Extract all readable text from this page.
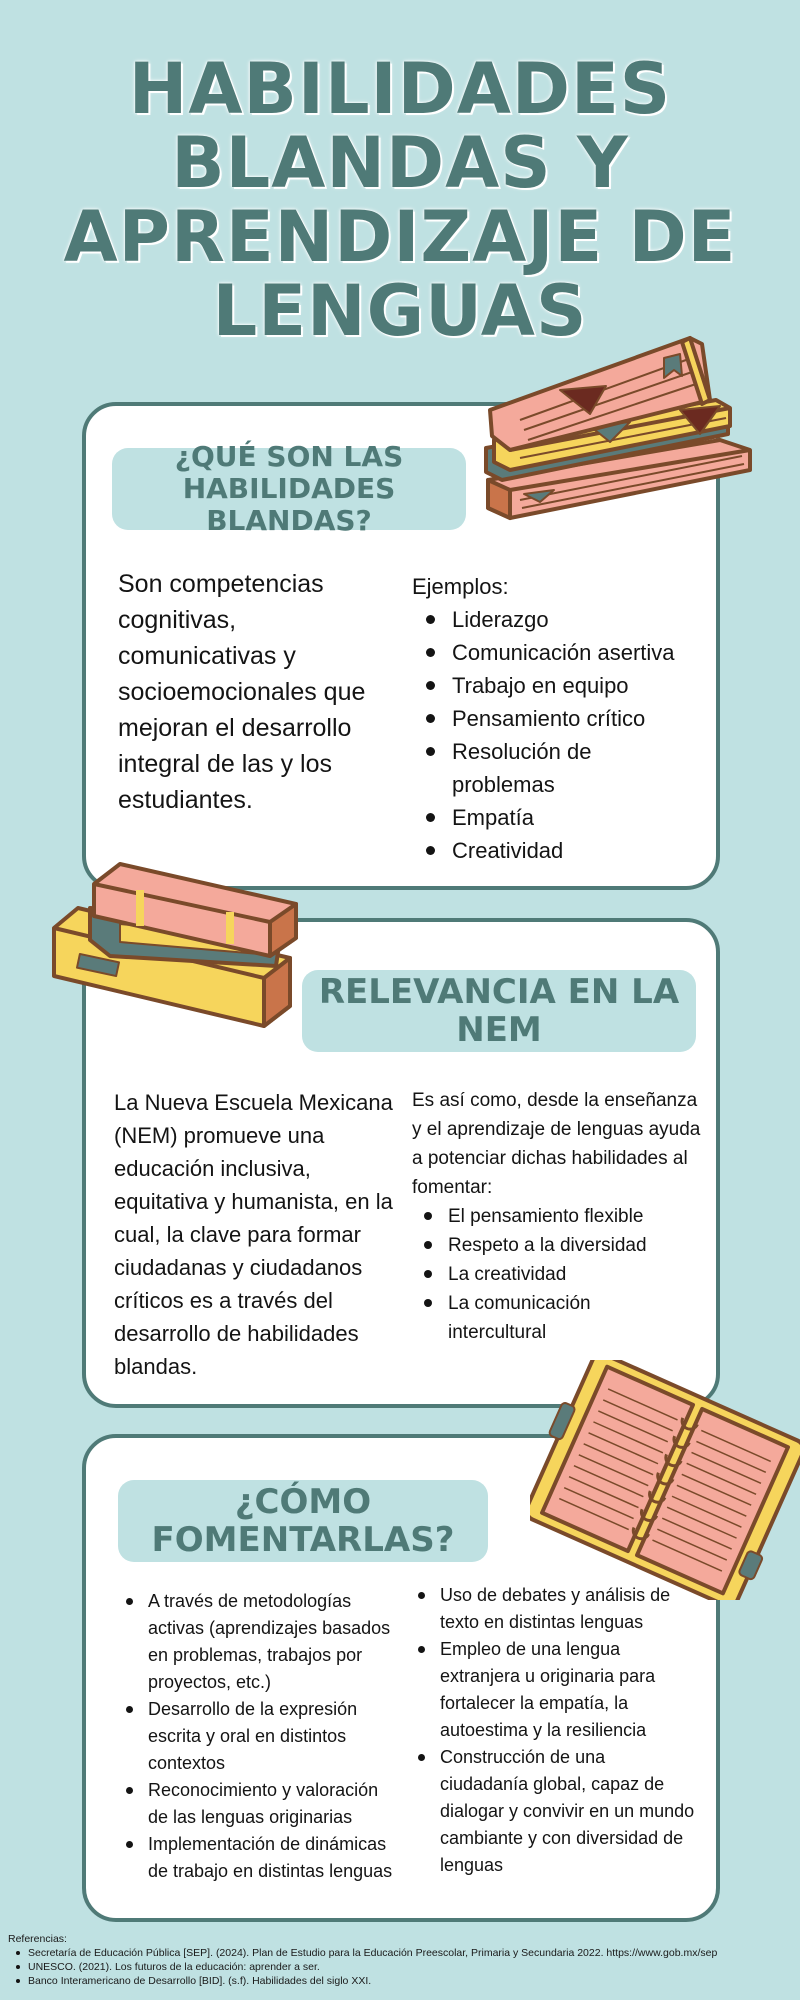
HABILIDADES
BLANDAS Y
APRENDIZAJE DE
LENGUAS
¿QUÉ SON LAS
HABILIDADES BLANDAS?
Son competencias cognitivas, comunicativas y socioemocionales que mejoran el desarrollo integral de las y los estudiantes.
Ejemplos:
Liderazgo
Comunicación asertiva
Trabajo en equipo
Pensamiento crítico
Resolución de problemas
Empatía
Creatividad
RELEVANCIA EN LA
NEM
La Nueva Escuela Mexicana (NEM) promueve una educación inclusiva, equitativa y humanista, en la cual, la clave para formar ciudadanas y ciudadanos críticos es a través del desarrollo de habilidades blandas.
Es así como, desde la enseñanza y el aprendizaje de lenguas ayuda a potenciar dichas habilidades al fomentar:
El pensamiento flexible
Respeto a la diversidad
La creatividad
La comunicación intercultural
¿CÓMO
FOMENTARLAS?
A través de metodologías activas (aprendizajes basados en problemas, trabajos por proyectos, etc.)
Desarrollo de la expresión escrita y oral en distintos contextos
Reconocimiento y valoración de las lenguas originarias
Implementación de dinámicas de trabajo en distintas lenguas
Uso de debates y análisis de texto en distintas lenguas
Empleo de una lengua extranjera u originaria para fortalecer la empatía, la autoestima y la resiliencia
Construcción de una ciudadanía global, capaz de dialogar y convivir en un mundo cambiante y con diversidad de lenguas
Referencias:
Secretaría de Educación Pública [SEP]. (2024). Plan de Estudio para la Educación Preescolar, Primaria y Secundaria 2022. https://www.gob.mx/sep
UNESCO. (2021). Los futuros de la educación: aprender a ser.
Banco Interamericano de Desarrollo [BID]. (s.f). Habilidades del siglo XXI.
